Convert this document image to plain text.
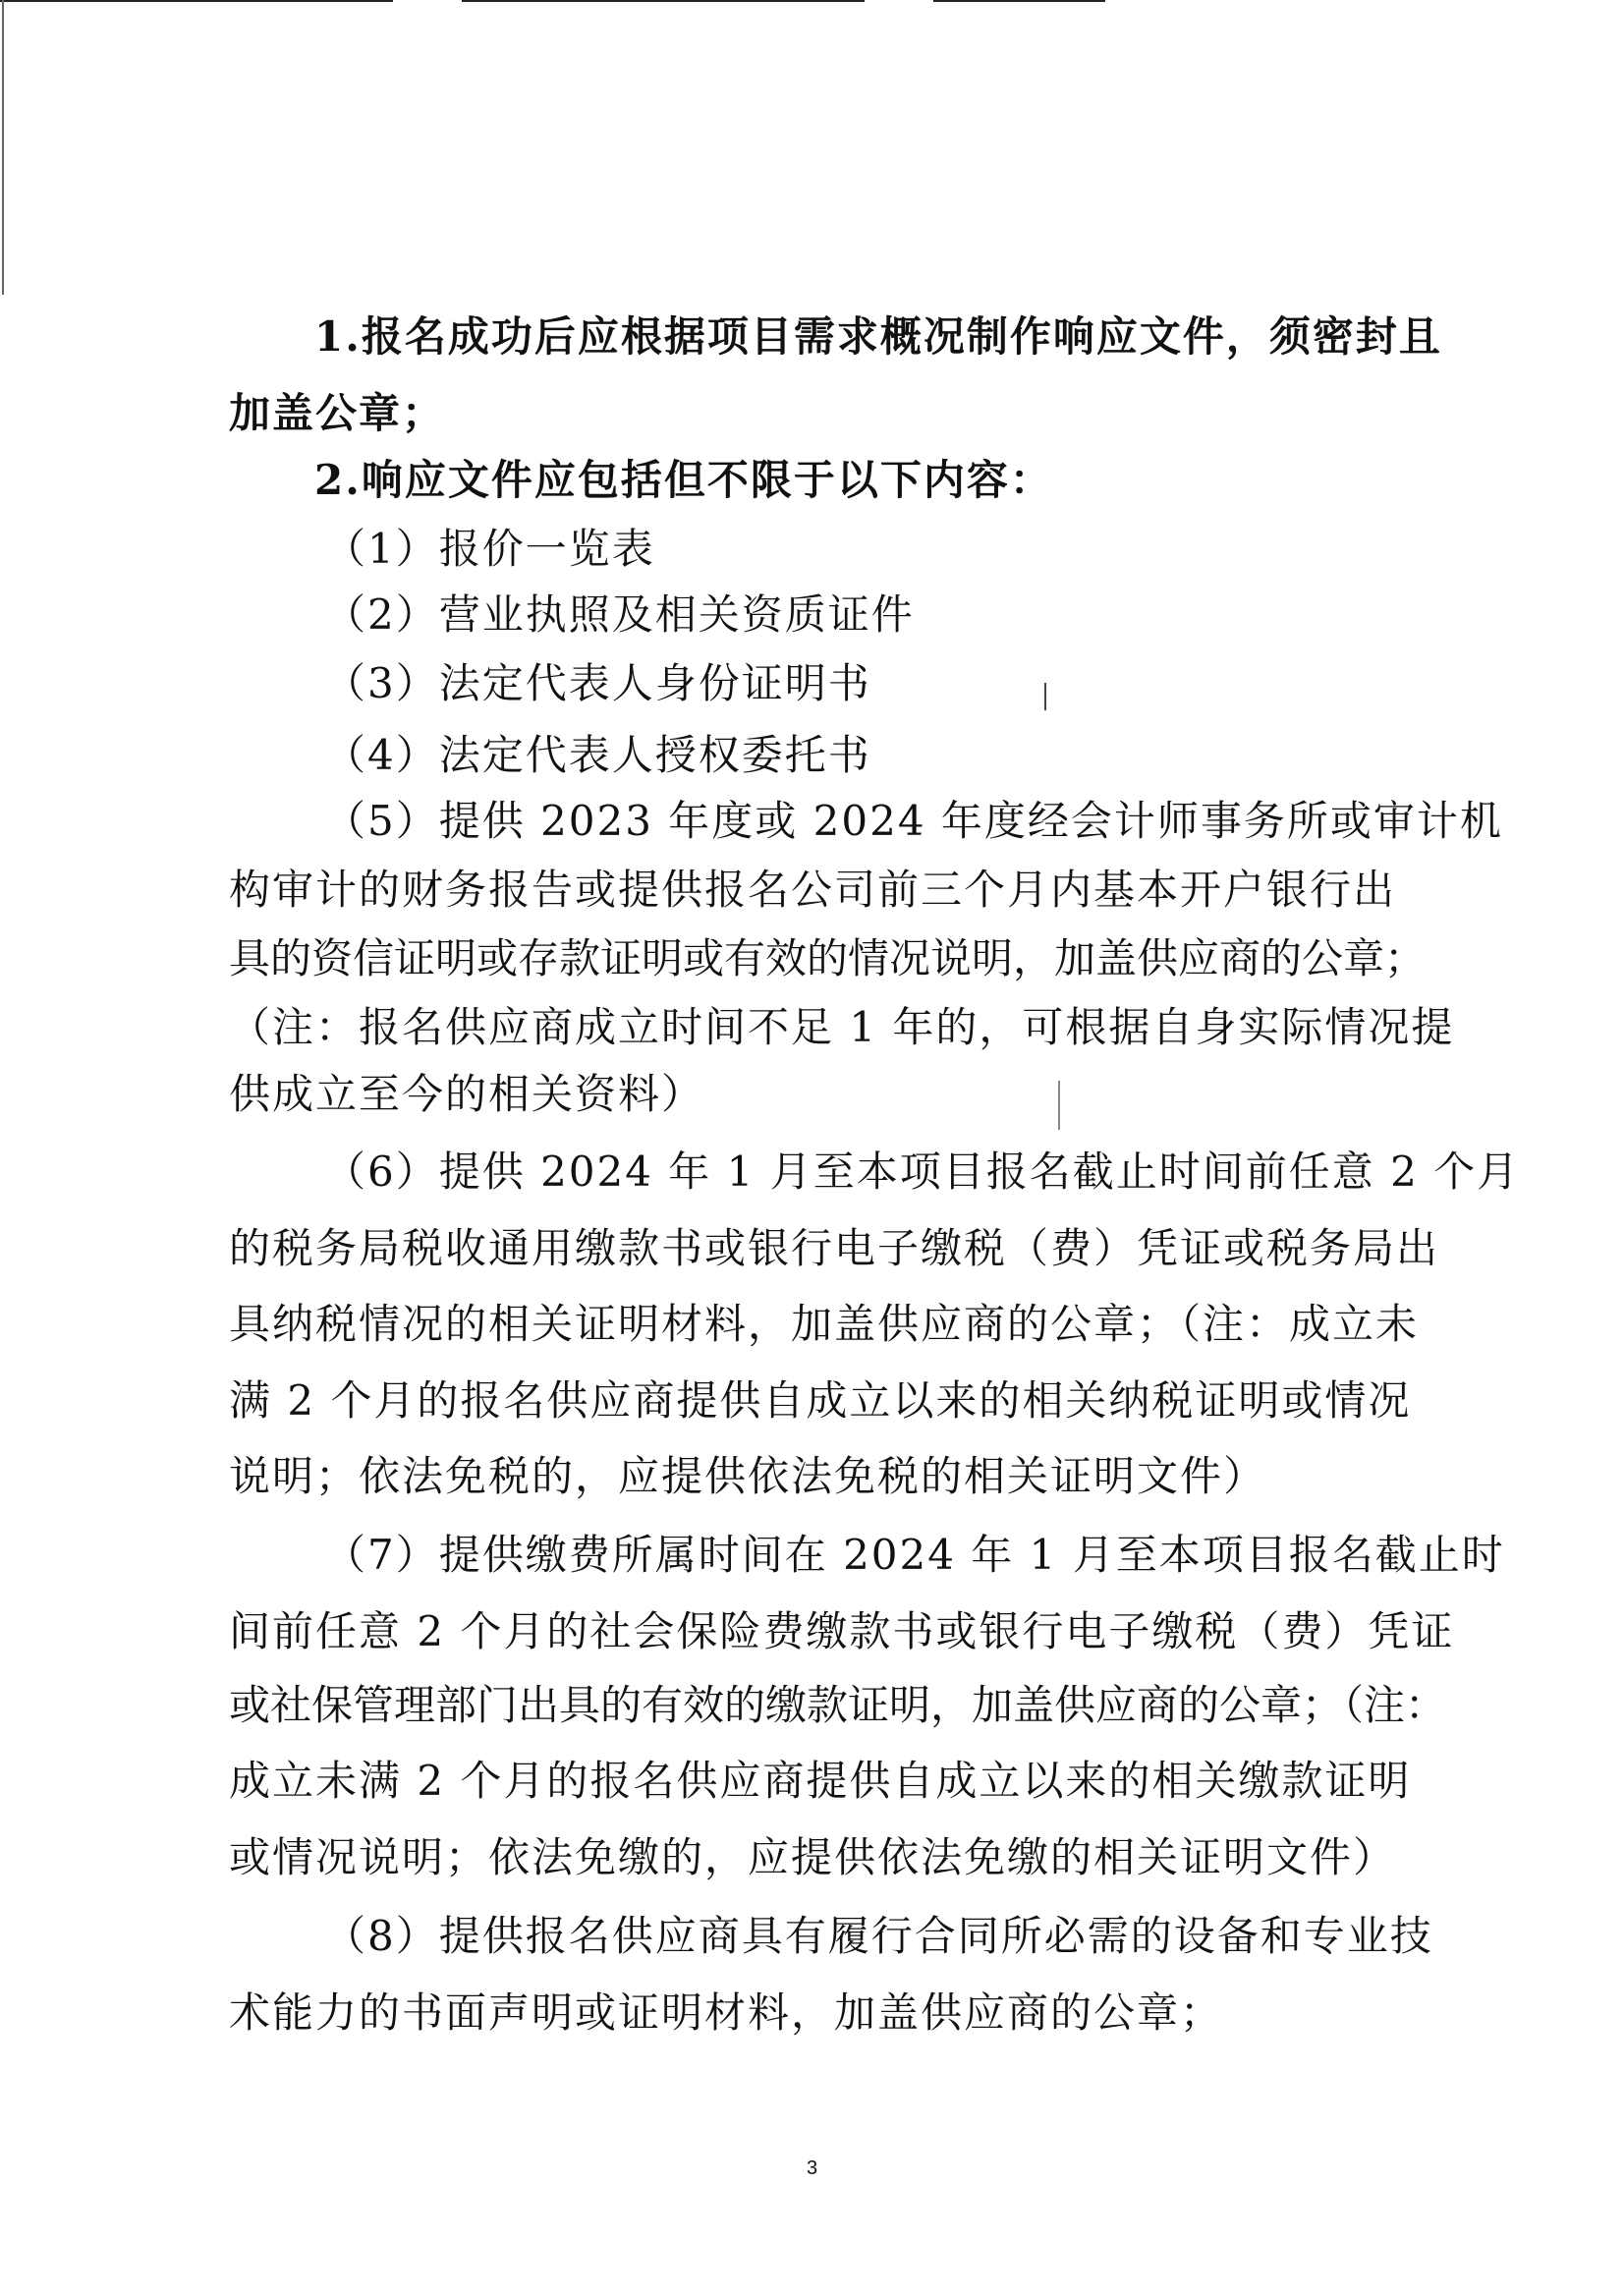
1.报名成功后应根据项目需求概况制作响应文件，须密封且
加盖公章；
2.响应文件应包括但不限于以下内容：
（1）报价一览表
（2）营业执照及相关资质证件
（3）法定代表人身份证明书
（4）法定代表人授权委托书
（5）提供 2023 年度或 2024 年度经会计师事务所或审计机
构审计的财务报告或提供报名公司前三个月内基本开户银行出
具的资信证明或存款证明或有效的情况说明，加盖供应商的公章；
（注：报名供应商成立时间不足 1 年的，可根据自身实际情况提
供成立至今的相关资料）
（6）提供 2024 年 1 月至本项目报名截止时间前任意 2 个月
的税务局税收通用缴款书或银行电子缴税（费）凭证或税务局出
具纳税情况的相关证明材料，加盖供应商的公章；（注：成立未
满 2 个月的报名供应商提供自成立以来的相关纳税证明或情况
说明；依法免税的，应提供依法免税的相关证明文件）
（7）提供缴费所属时间在 2024 年 1 月至本项目报名截止时
间前任意 2 个月的社会保险费缴款书或银行电子缴税（费）凭证
或社保管理部门出具的有效的缴款证明，加盖供应商的公章；（注：
成立未满 2 个月的报名供应商提供自成立以来的相关缴款证明
或情况说明；依法免缴的，应提供依法免缴的相关证明文件）
（8）提供报名供应商具有履行合同所必需的设备和专业技
术能力的书面声明或证明材料，加盖供应商的公章；
3
